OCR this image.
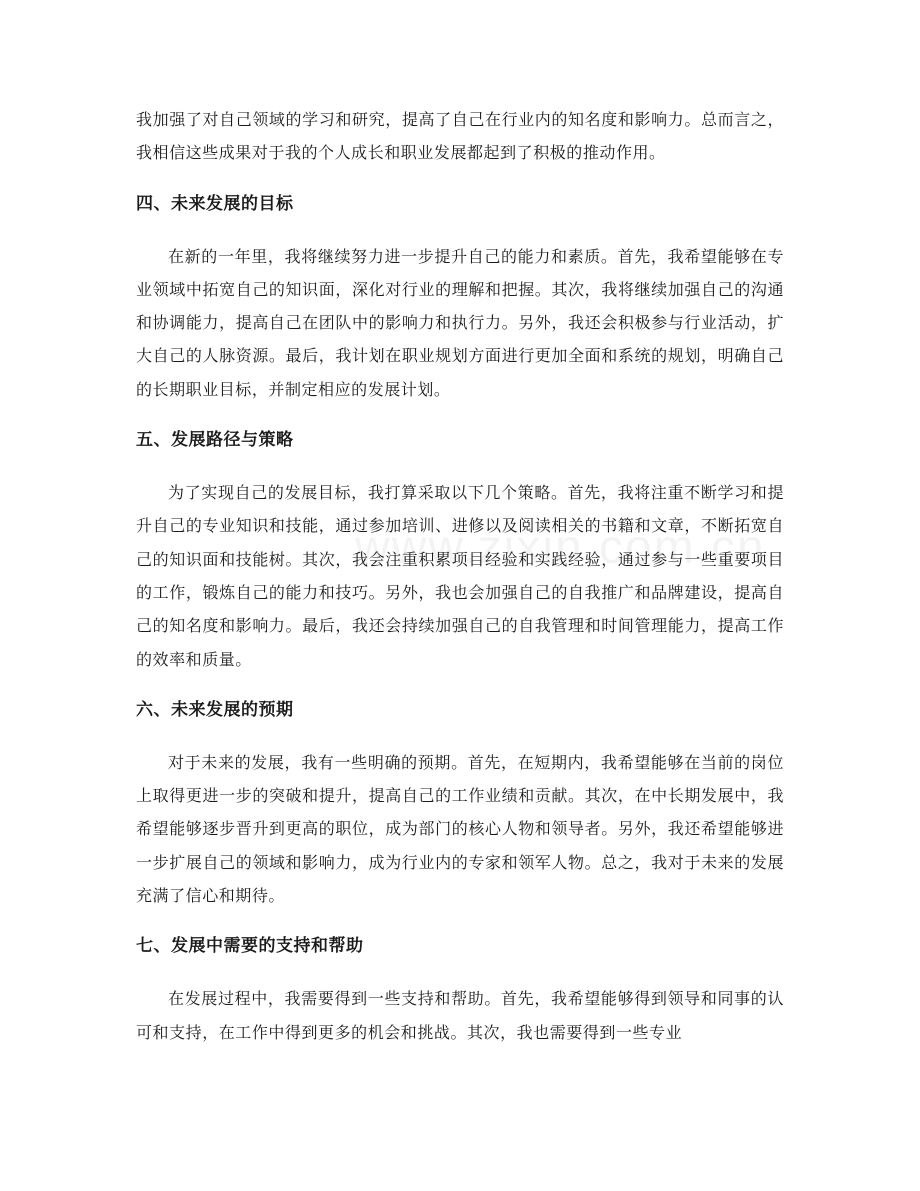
我加强了对自己领域的学习和研究，提高了自己在行业内的知名度和影响力。总而言之，我相信这些成果对于我的个人成长和职业发展都起到了积极的推动作用。

四、未来发展的目标

在新的一年里，我将继续努力进一步提升自己的能力和素质。首先，我希望能够在专业领域中拓宽自己的知识面，深化对行业的理解和把握。其次，我将继续加强自己的沟通和协调能力，提高自己在团队中的影响力和执行力。另外，我还会积极参与行业活动，扩大自己的人脉资源。最后，我计划在职业规划方面进行更加全面和系统的规划，明确自己的长期职业目标，并制定相应的发展计划。

五、发展路径与策略

为了实现自己的发展目标，我打算采取以下几个策略。首先，我将注重不断学习和提升自己的专业知识和技能，通过参加培训、进修以及阅读相关的书籍和文章，不断拓宽自己的知识面和技能树。其次，我会注重积累项目经验和实践经验，通过参与一些重要项目的工作，锻炼自己的能力和技巧。另外，我也会加强自己的自我推广和品牌建设，提高自己的知名度和影响力。最后，我还会持续加强自己的自我管理和时间管理能力，提高工作的效率和质量。

六、未来发展的预期

对于未来的发展，我有一些明确的预期。首先，在短期内，我希望能够在当前的岗位上取得更进一步的突破和提升，提高自己的工作业绩和贡献。其次，在中长期发展中，我希望能够逐步晋升到更高的职位，成为部门的核心人物和领导者。另外，我还希望能够进一步扩展自己的领域和影响力，成为行业内的专家和领军人物。总之，我对于未来的发展充满了信心和期待。

七、发展中需要的支持和帮助

在发展过程中，我需要得到一些支持和帮助。首先，我希望能够得到领导和同事的认可和支持，在工作中得到更多的机会和挑战。其次，我也需要得到一些专业
